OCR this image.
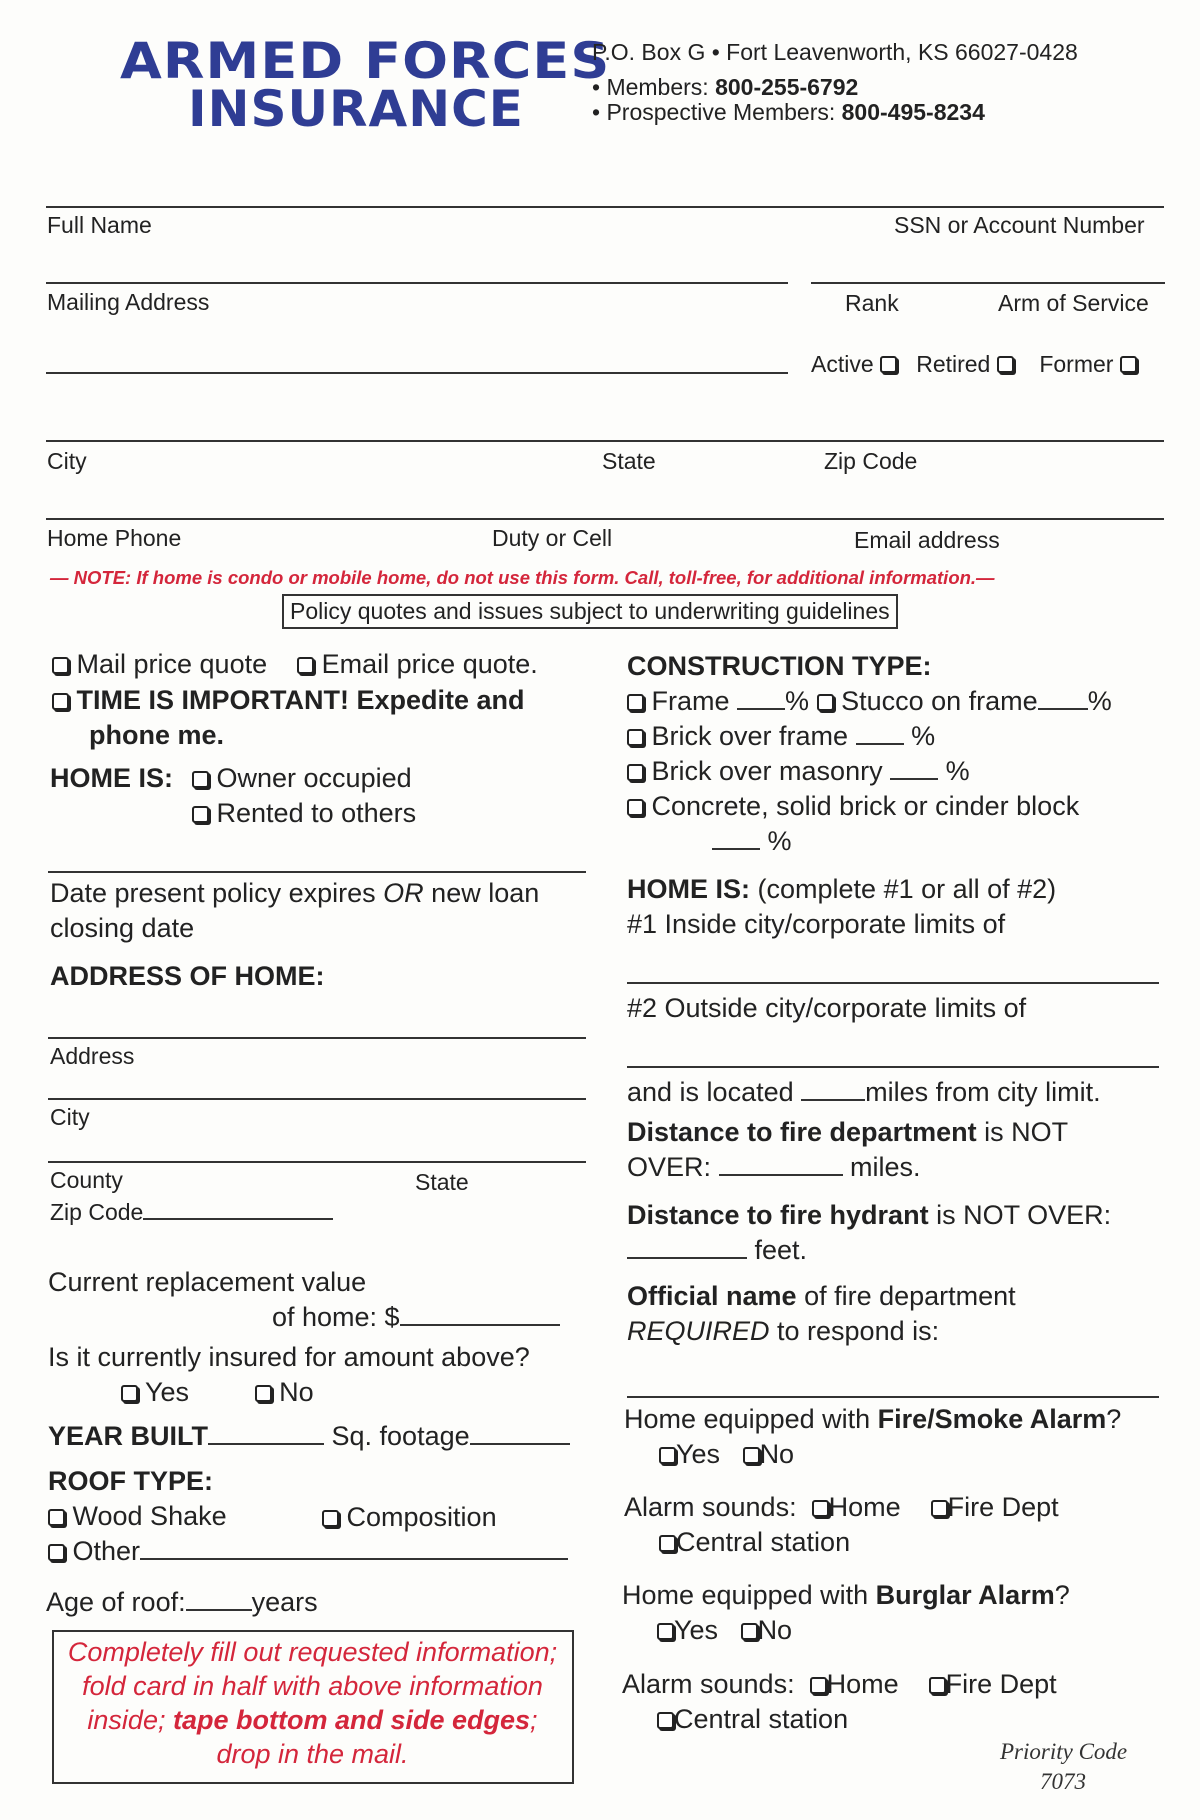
ARMED FORCES
INSURANCE
P.O. Box G • Fort Leavenworth, KS 66027-0428
• Members: 800-255-6792
• Prospective Members: 800-495-8234
Full Name	SSN or Account Number
Mailing Address	Rank	Arm of Service
Active Retired Former
City	State	Zip Code
Home Phone	Duty or Cell	Email address
— NOTE: If home is condo or mobile home, do not use this form. Call, toll-free, for additional information.—
Policy quotes and issues subject to underwriting guidelines
Mail price quote Email price quote.
TIME IS IMPORTANT! Expedite and
phone me.
HOME IS:	Owner occupied
Rented to others
Date present policy expires OR new loan
closing date
ADDRESS OF HOME:
Address
City
County	State
Zip Code
Current replacement value
of home: $
Is it currently insured for amount above?
Yes	No
YEAR BUILT	Sq. footage
ROOF TYPE:
Wood Shake	Composition
Other
Age of roof: years
Completely fill out requested information;
fold card in half with above information
inside; tape bottom and side edges;
drop in the mail.
CONSTRUCTION TYPE:
Frame % Stucco on frame %
Brick over frame %
Brick over masonry %
Concrete, solid brick or cinder block
%
HOME IS: (complete #1 or all of #2)
#1 Inside city/corporate limits of
#2 Outside city/corporate limits of
and is located miles from city limit.
Distance to fire department is NOT
OVER:	miles.
Distance to fire hydrant is NOT OVER:
feet.
Official name of fire department
REQUIRED to respond is:
Home equipped with Fire/Smoke Alarm?
Yes No
Alarm sounds: Home Fire Dept
Central station
Home equipped with Burglar Alarm?
Yes No
Alarm sounds: Home Fire Dept
Central station
Priority Code
7073
